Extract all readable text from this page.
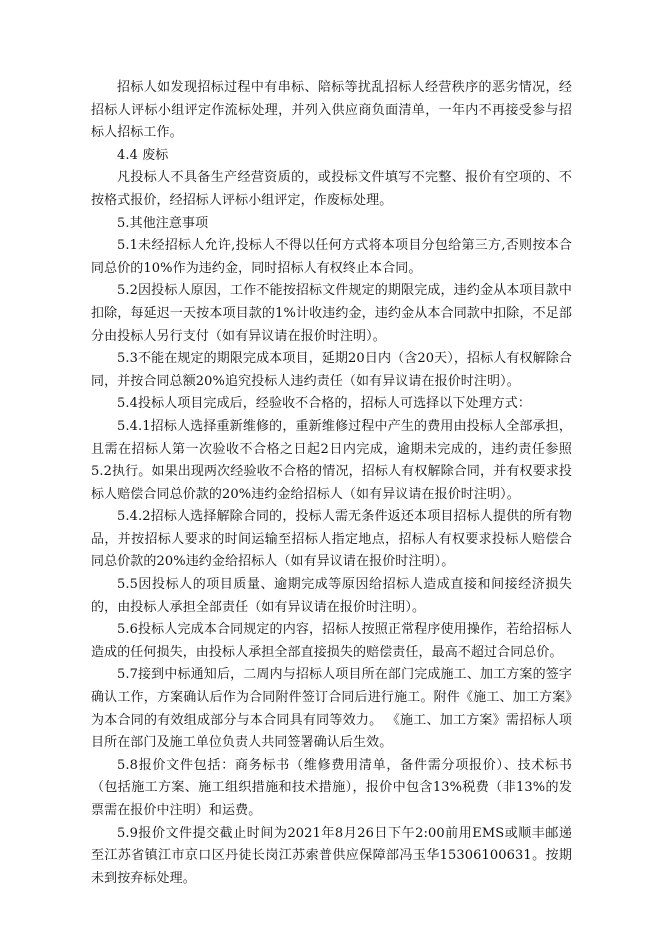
招标人如发现招标过程中有串标、陪标等扰乱招标人经营秩序的恶劣情况，经招标人评标小组评定作流标处理，并列入供应商负面清单，一年内不再接受参与招标人招标工作。

4.4 废标

凡投标人不具备生产经营资质的，或投标文件填写不完整、报价有空项的、不按格式报价，经招标人评标小组评定，作废标处理。

5.其他注意事项

5.1未经招标人允许,投标人不得以任何方式将本项目分包给第三方,否则按本合同总价的10%作为违约金，同时招标人有权终止本合同。

5.2因投标人原因，工作不能按招标文件规定的期限完成，违约金从本项目款中扣除，每延迟一天按本项目款的1%计收违约金，违约金从本合同款中扣除，不足部分由投标人另行支付（如有异议请在报价时注明）。

5.3不能在规定的期限完成本项目，延期20日内（含20天），招标人有权解除合同，并按合同总额20%追究投标人违约责任（如有异议请在报价时注明）。

5.4投标人项目完成后，经验收不合格的，招标人可选择以下处理方式：

5.4.1招标人选择重新维修的，重新维修过程中产生的费用由投标人全部承担，且需在招标人第一次验收不合格之日起2日内完成，逾期未完成的，违约责任参照5.2执行。如果出现两次经验收不合格的情况，招标人有权解除合同，并有权要求投标人赔偿合同总价款的20%违约金给招标人（如有异议请在报价时注明）。

5.4.2招标人选择解除合同的，投标人需无条件返还本项目招标人提供的所有物品，并按招标人要求的时间运输至招标人指定地点，招标人有权要求投标人赔偿合同总价款的20%违约金给招标人（如有异议请在报价时注明）。

5.5因投标人的项目质量、逾期完成等原因给招标人造成直接和间接经济损失的，由投标人承担全部责任（如有异议请在报价时注明）。

5.6投标人完成本合同规定的内容，招标人按照正常程序使用操作，若给招标人造成的任何损失，由投标人承担全部直接损失的赔偿责任，最高不超过合同总价。

5.7接到中标通知后，二周内与招标人项目所在部门完成施工、加工方案的签字确认工作，方案确认后作为合同附件签订合同后进行施工。附件《施工、加工方案》为本合同的有效组成部分与本合同具有同等效力。 《施工、加工方案》需招标人项目所在部门及施工单位负责人共同签署确认后生效。

5.8报价文件包括：商务标书（维修费用清单，备件需分项报价）、技术标书（包括施工方案、施工组织措施和技术措施），报价中包含13%税费（非13%的发票需在报价中注明）和运费。

5.9报价文件提交截止时间为2021年8月26日下午2:00前用EMS或顺丰邮递至江苏省镇江市京口区丹徒长岗江苏索普供应保障部冯玉华15306100631。按期未到按弃标处理。
